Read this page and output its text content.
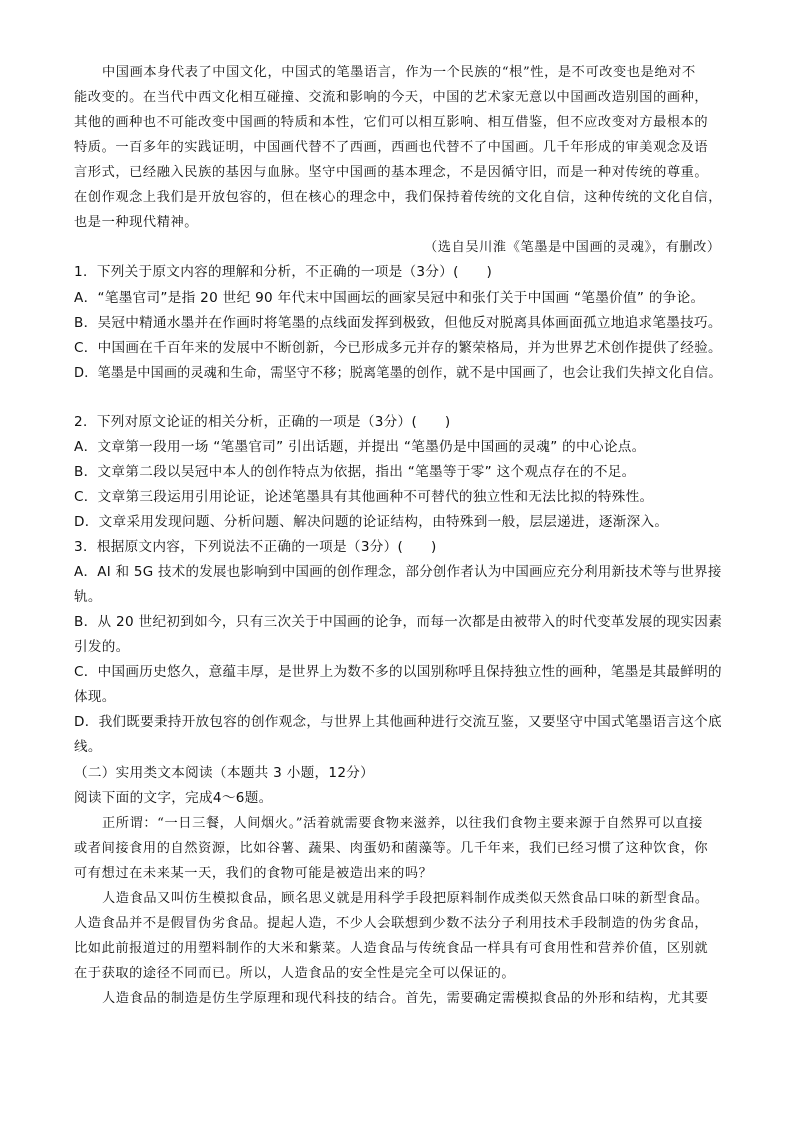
中国画本身代表了中国文化，中国式的笔墨语言，作为一个民族的“根”性，是不可改变也是绝对不
能改变的。在当代中西文化相互碰撞、交流和影响的今天，中国的艺术家无意以中国画改造别国的画种，
其他的画种也不可能改变中国画的特质和本性，它们可以相互影响、相互借鉴，但不应改变对方最根本的
特质。一百多年的实践证明，中国画代替不了西画，西画也代替不了中国画。几千年形成的审美观念及语
言形式，已经融入民族的基因与血脉。坚守中国画的基本理念，不是因循守旧，而是一种对传统的尊重。
在创作观念上我们是开放包容的，但在核心的理念中，我们保持着传统的文化自信，这种传统的文化自信，
也是一种现代精神。
（选自吴川淮《笔墨是中国画的灵魂》，有删改）
1．下列关于原文内容的理解和分析，不正确的一项是（3分）(　　)
A．“笔墨官司”是指 20 世纪 90 年代末中国画坛的画家吴冠中和张仃关于中国画 “笔墨价值” 的争论。
B．吴冠中精通水墨并在作画时将笔墨的点线面发挥到极致，但他反对脱离具体画面孤立地追求笔墨技巧。
C．中国画在千百年来的发展中不断创新，今已形成多元并存的繁荣格局，并为世界艺术创作提供了经验。
D．笔墨是中国画的灵魂和生命，需坚守不移；脱离笔墨的创作，就不是中国画了，也会让我们失掉文化自信。
2．下列对原文论证的相关分析，正确的一项是（3分）(　　)
A．文章第一段用一场 “笔墨官司” 引出话题，并提出 “笔墨仍是中国画的灵魂” 的中心论点。
B．文章第二段以吴冠中本人的创作特点为依据，指出 “笔墨等于零” 这个观点存在的不足。
C．文章第三段运用引用论证，论述笔墨具有其他画种不可替代的独立性和无法比拟的特殊性。
D．文章采用发现问题、分析问题、解决问题的论证结构，由特殊到一般，层层递进，逐渐深入。
3．根据原文内容，下列说法不正确的一项是（3分）(　　)
A．AI 和 5G 技术的发展也影响到中国画的创作理念，部分创作者认为中国画应充分利用新技术等与世界接
轨。
B．从 20 世纪初到如今，只有三次关于中国画的论争，而每一次都是由被带入的时代变革发展的现实因素
引发的。
C．中国画历史悠久，意蕴丰厚，是世界上为数不多的以国别称呼且保持独立性的画种，笔墨是其最鲜明的
体现。
D．我们既要秉持开放包容的创作观念，与世界上其他画种进行交流互鉴，又要坚守中国式笔墨语言这个底
线。
（二）实用类文本阅读（本题共 3 小题，12分）
阅读下面的文字，完成4～6题。
正所谓：“一日三餐，人间烟火。”活着就需要食物来滋养，以往我们食物主要来源于自然界可以直接
或者间接食用的自然资源，比如谷薯、蔬果、肉蛋奶和菌藻等。几千年来，我们已经习惯了这种饮食，你
可有想过在未来某一天，我们的食物可能是被造出来的吗？
人造食品又叫仿生模拟食品，顾名思义就是用科学手段把原料制作成类似天然食品口味的新型食品。
人造食品并不是假冒伪劣食品。提起人造，不少人会联想到少数不法分子利用技术手段制造的伪劣食品，
比如此前报道过的用塑料制作的大米和紫菜。人造食品与传统食品一样具有可食用性和营养价值，区别就
在于获取的途径不同而已。所以，人造食品的安全性是完全可以保证的。
人造食品的制造是仿生学原理和现代科技的结合。首先，需要确定需模拟食品的外形和结构，尤其要
